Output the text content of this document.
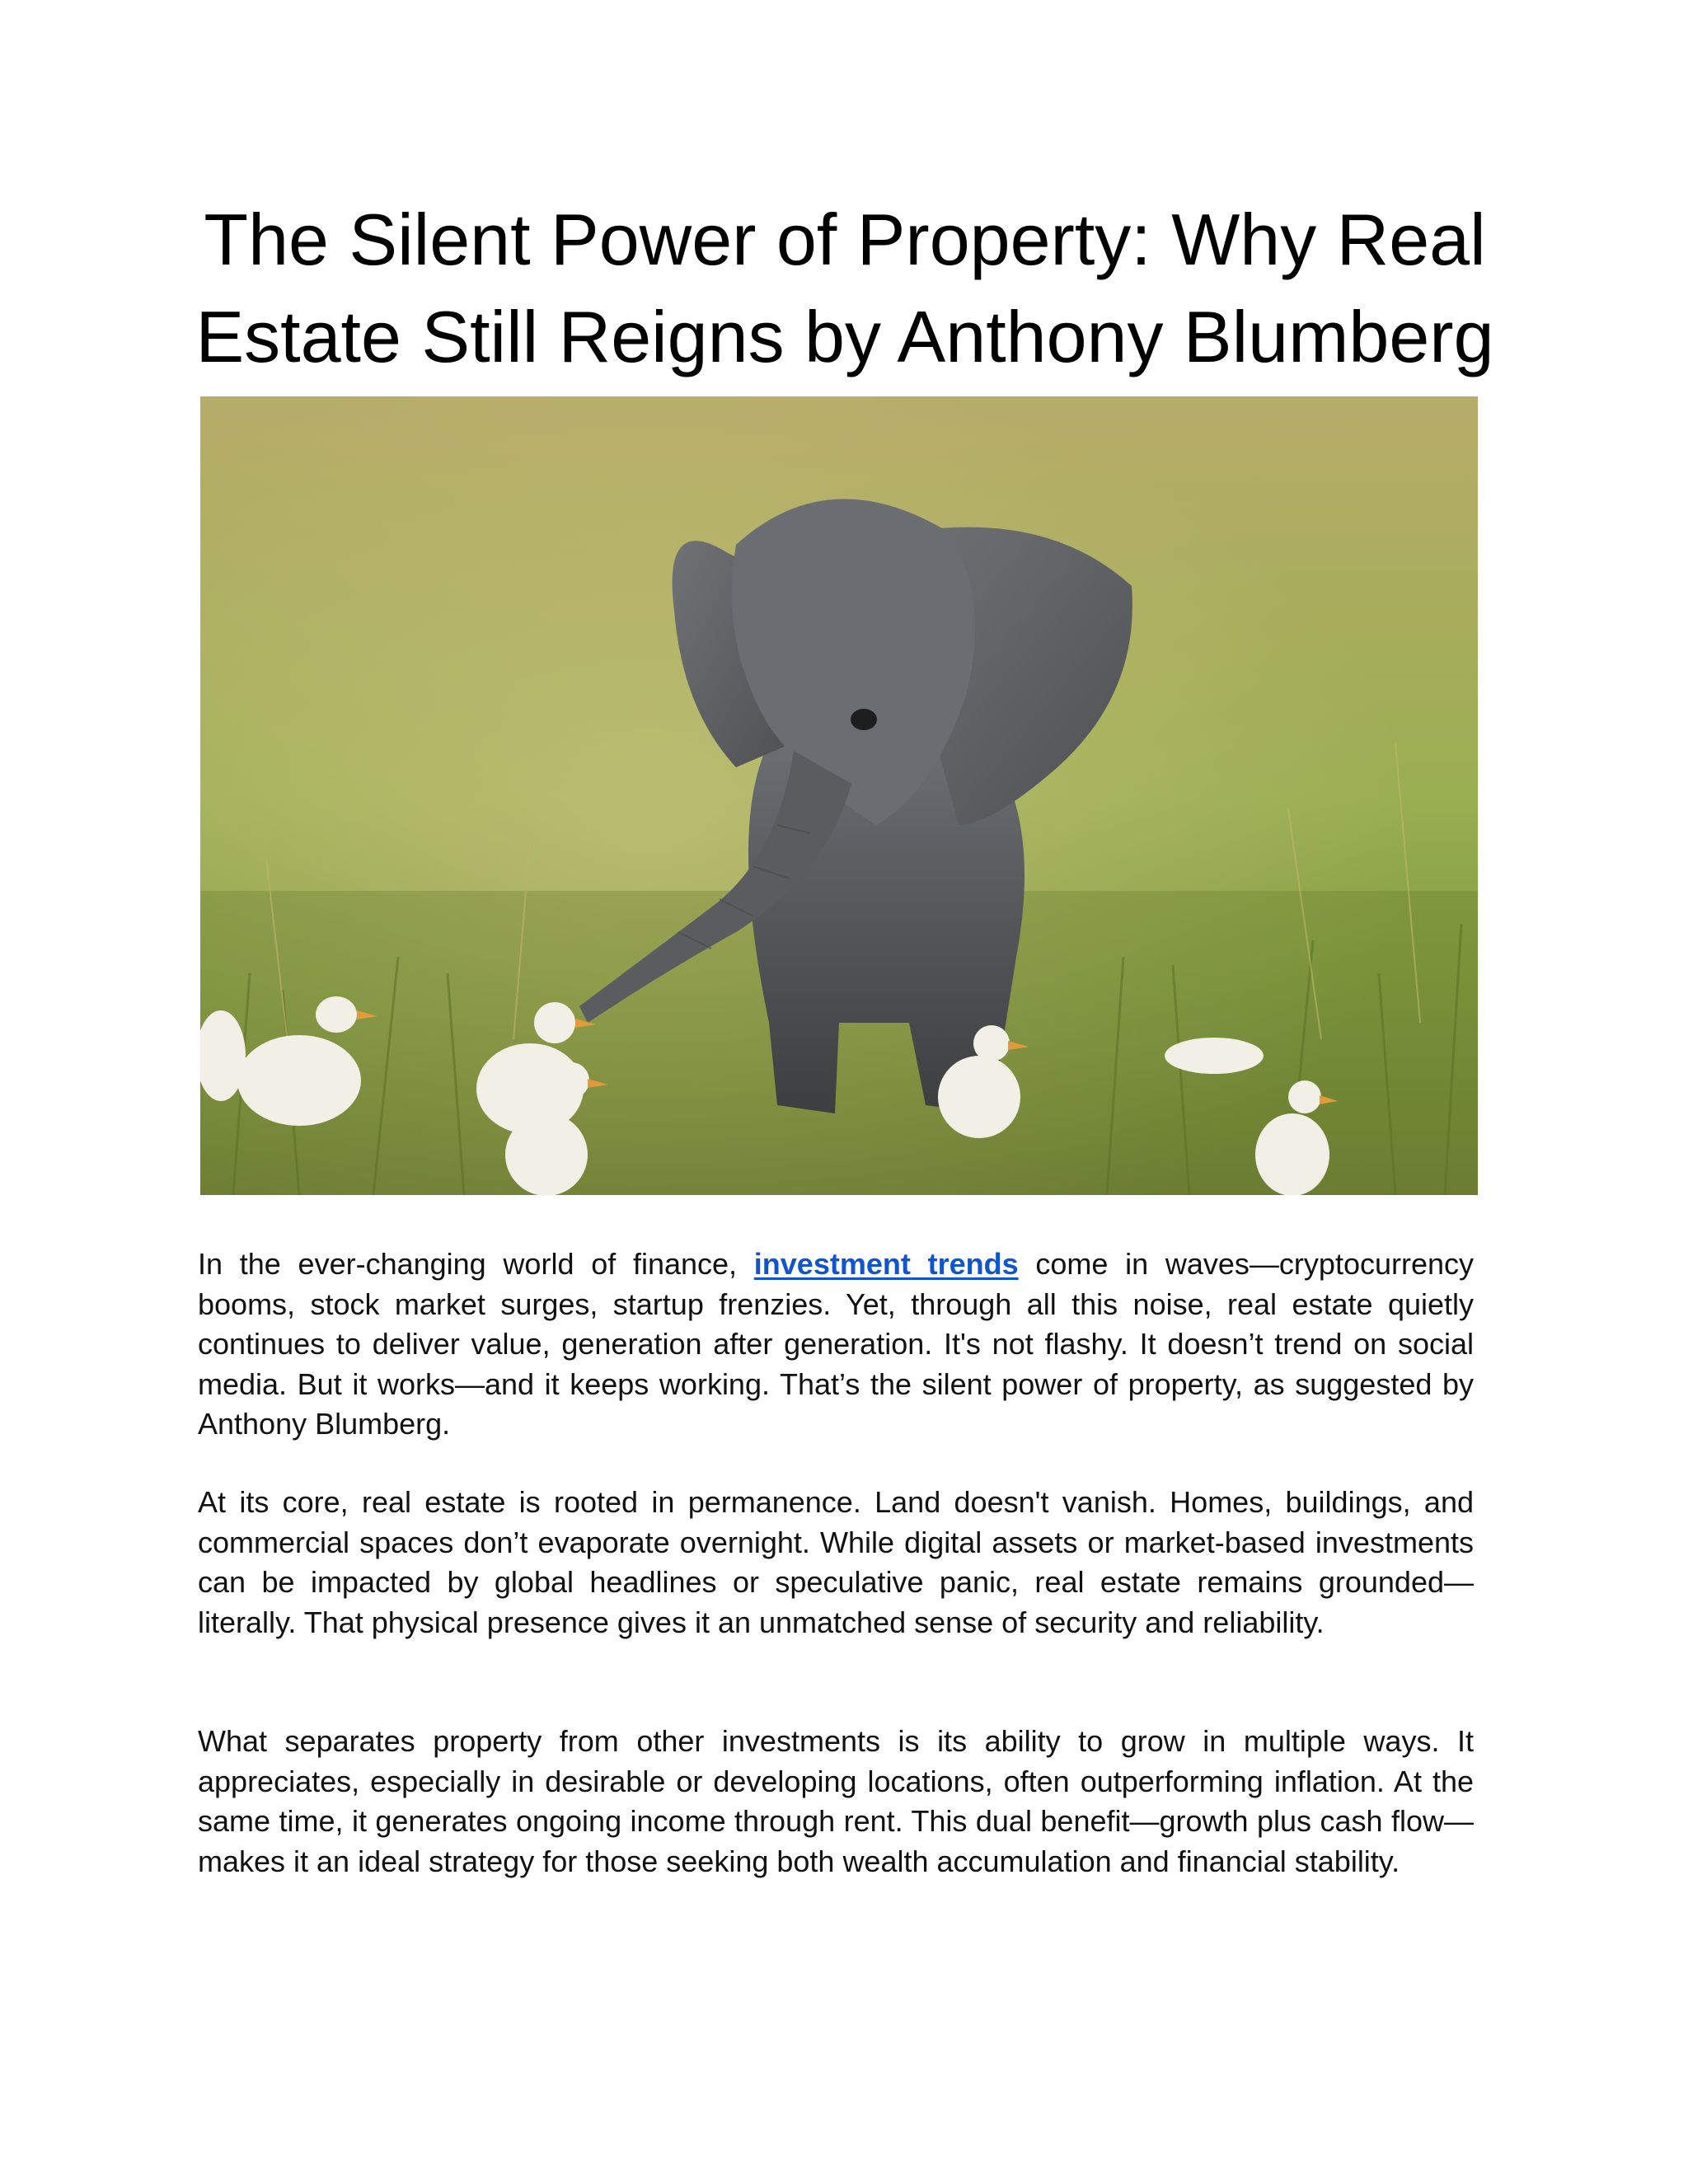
The Silent Power of Property: Why Real Estate Still Reigns by Anthony Blumberg

In the ever-changing world of finance, investment trends come in waves—cryptocurrency booms, stock market surges, startup frenzies. Yet, through all this noise, real estate quietly continues to deliver value, generation after generation. It's not flashy. It doesn’t trend on social media. But it works—and it keeps working. That’s the silent power of property, as suggested by Anthony Blumberg.

At its core, real estate is rooted in permanence. Land doesn't vanish. Homes, buildings, and commercial spaces don’t evaporate overnight. While digital assets or market-based investments can be impacted by global headlines or speculative panic, real estate remains grounded—literally. That physical presence gives it an unmatched sense of security and reliability.

What separates property from other investments is its ability to grow in multiple ways. It appreciates, especially in desirable or developing locations, often outperforming inflation. At the same time, it generates ongoing income through rent. This dual benefit—growth plus cash flow—makes it an ideal strategy for those seeking both wealth accumulation and financial stability.
